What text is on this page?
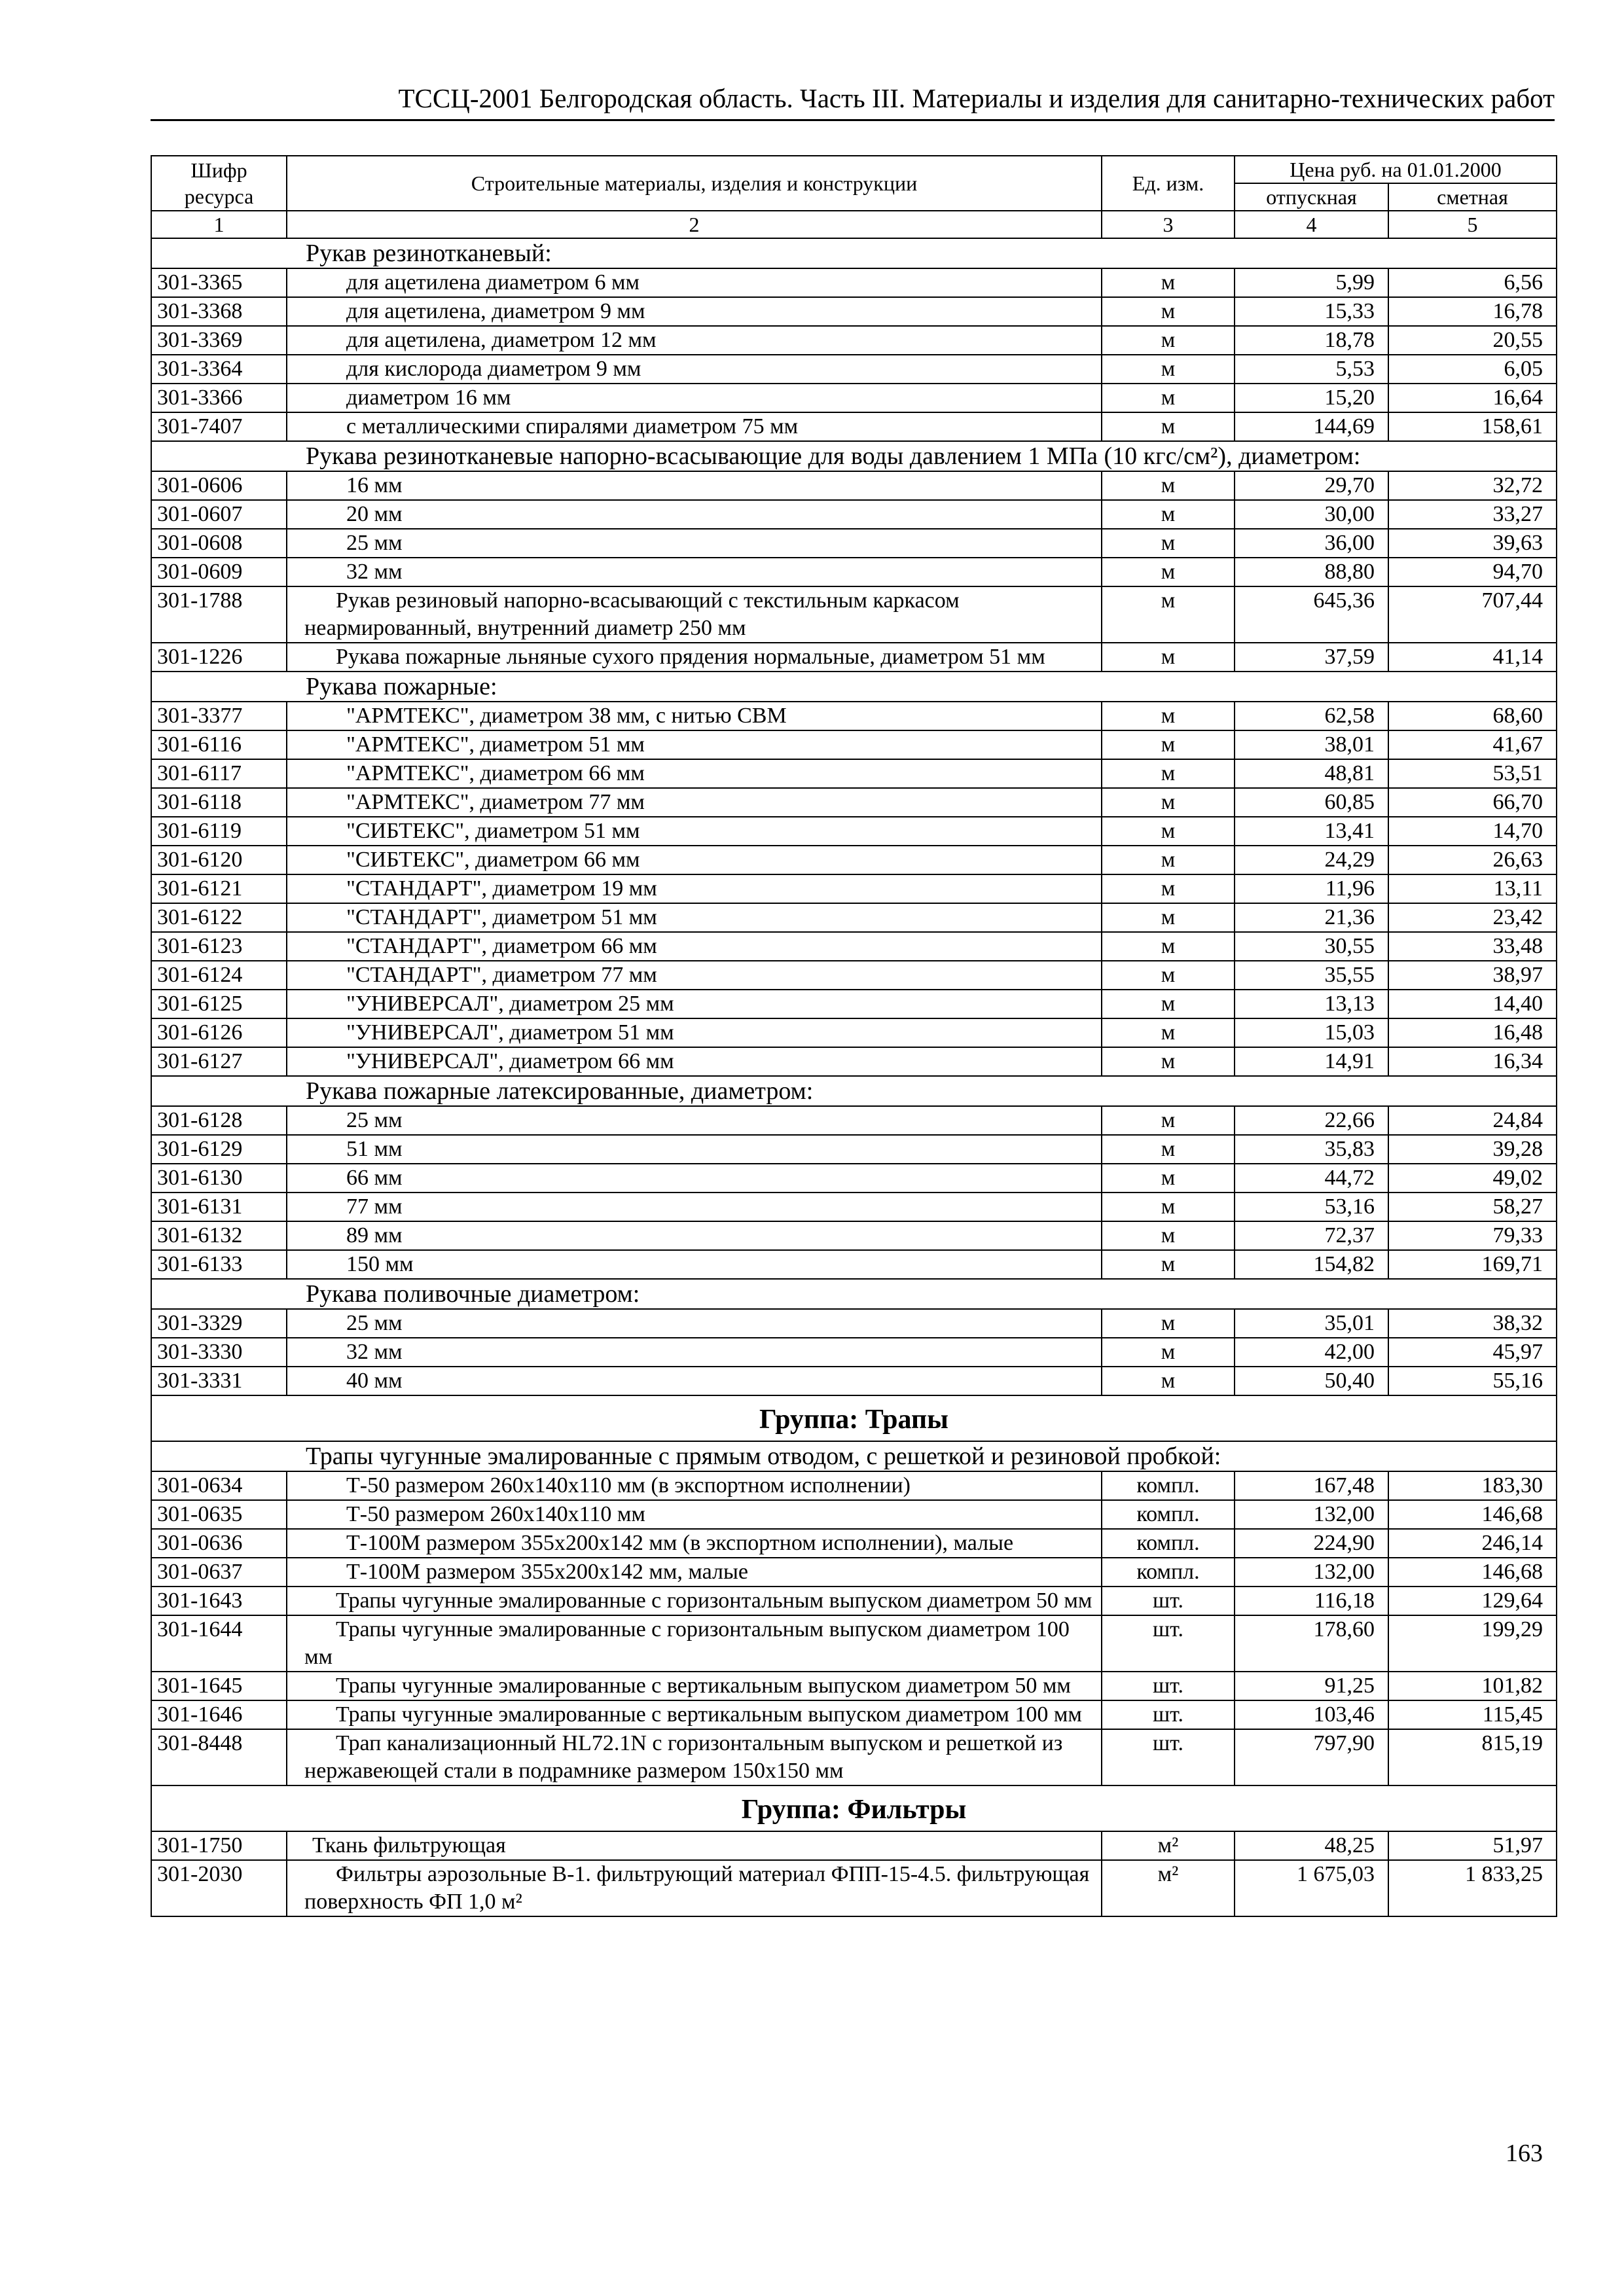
ТССЦ-2001 Белгородская область. Часть III. Материалы и изделия для санитарно-технических работ
Шифр ресурса	Строительные материалы, изделия и конструкции	Ед. изм.	Цена руб. на 01.01.2000	
			отпускная	сметная
1	2	3	4	5
Рукав резинотканевый:				
301-3365	для ацетилена диаметром 6 мм	м	5,99	6,56
301-3368	для ацетилена, диаметром 9 мм	м	15,33	16,78
301-3369	для ацетилена, диаметром 12 мм	м	18,78	20,55
301-3364	для кислорода диаметром 9 мм	м	5,53	6,05
301-3366	диаметром 16 мм	м	15,20	16,64
301-7407	с металлическими спиралями диаметром 75 мм	м	144,69	158,61
Рукава резинотканевые напорно-всасывающие для воды давлением 1 МПа (10 кгс/см²), диаметром:				
301-0606	16 мм	м	29,70	32,72
301-0607	20 мм	м	30,00	33,27
301-0608	25 мм	м	36,00	39,63
301-0609	32 мм	м	88,80	94,70
301-1788	Рукав резиновый напорно-всасывающий с текстильным каркасом неармированный, внутренний диаметр 250 мм	м	645,36	707,44
301-1226	Рукава пожарные льняные сухого прядения нормальные, диаметром 51 мм	м	37,59	41,14
Рукава пожарные:				
301-3377	"АРМТЕКС", диаметром 38 мм, с нитью СВМ	м	62,58	68,60
301-6116	"АРМТЕКС", диаметром 51 мм	м	38,01	41,67
301-6117	"АРМТЕКС", диаметром 66 мм	м	48,81	53,51
301-6118	"АРМТЕКС", диаметром 77 мм	м	60,85	66,70
301-6119	"СИБТЕКС", диаметром 51 мм	м	13,41	14,70
301-6120	"СИБТЕКС", диаметром 66 мм	м	24,29	26,63
301-6121	"СТАНДАРТ", диаметром 19 мм	м	11,96	13,11
301-6122	"СТАНДАРТ", диаметром 51 мм	м	21,36	23,42
301-6123	"СТАНДАРТ", диаметром 66 мм	м	30,55	33,48
301-6124	"СТАНДАРТ", диаметром 77 мм	м	35,55	38,97
301-6125	"УНИВЕРСАЛ", диаметром 25 мм	м	13,13	14,40
301-6126	"УНИВЕРСАЛ", диаметром 51 мм	м	15,03	16,48
301-6127	"УНИВЕРСАЛ", диаметром 66 мм	м	14,91	16,34
Рукава пожарные латексированные, диаметром:				
301-6128	25 мм	м	22,66	24,84
301-6129	51 мм	м	35,83	39,28
301-6130	66 мм	м	44,72	49,02
301-6131	77 мм	м	53,16	58,27
301-6132	89 мм	м	72,37	79,33
301-6133	150 мм	м	154,82	169,71
Рукава поливочные диаметром:				
301-3329	25 мм	м	35,01	38,32
301-3330	32 мм	м	42,00	45,97
301-3331	40 мм	м	50,40	55,16
Группа: Трапы				
Трапы чугунные эмалированные с прямым отводом, с решеткой и резиновой пробкой:				
301-0634	Т-50 размером 260х140х110 мм (в экспортном исполнении)	компл.	167,48	183,30
301-0635	Т-50 размером 260х140х110 мм	компл.	132,00	146,68
301-0636	Т-100М размером 355х200х142 мм (в экспортном исполнении), малые	компл.	224,90	246,14
301-0637	Т-100М размером 355х200х142 мм, малые	компл.	132,00	146,68
301-1643	Трапы чугунные эмалированные с горизонтальным выпуском диаметром 50 мм	шт.	116,18	129,64
301-1644	Трапы чугунные эмалированные с горизонтальным выпуском диаметром 100 мм	шт.	178,60	199,29
301-1645	Трапы чугунные эмалированные с вертикальным выпуском диаметром 50 мм	шт.	91,25	101,82
301-1646	Трапы чугунные эмалированные с вертикальным выпуском диаметром 100 мм	шт.	103,46	115,45
301-8448	Трап канализационный HL72.1N с горизонтальным выпуском и решеткой из нержавеющей стали в подрамнике размером 150х150 мм	шт.	797,90	815,19
Группа: Фильтры				
301-1750	Ткань фильтрующая	м²	48,25	51,97
301-2030	Фильтры аэрозольные В-1. фильтрующий материал ФПП-15-4.5. фильтрующая поверхность ФП 1,0 м²	м²	1 675,03	1 833,25
163
